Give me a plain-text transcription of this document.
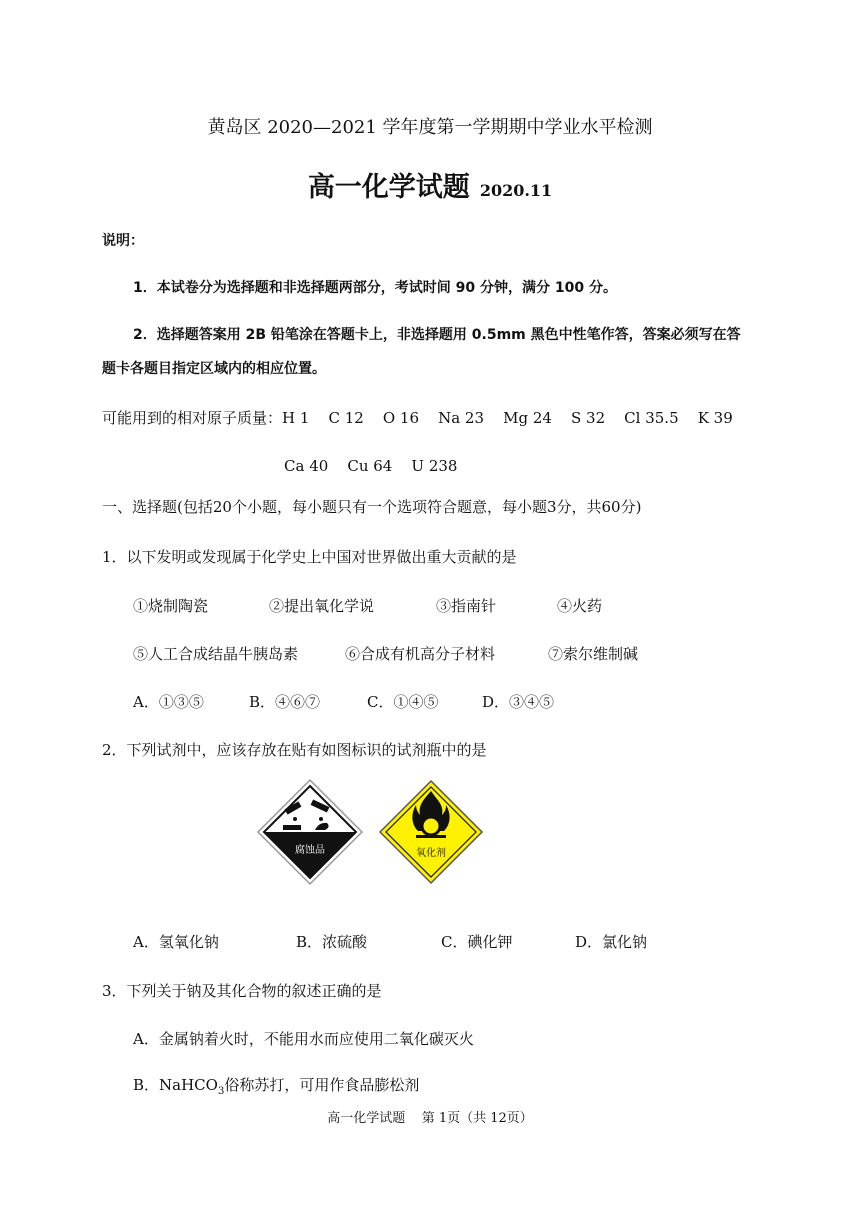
黄岛区 2020—2021 学年度第一学期期中学业水平检测
高一化学试题 2020.11
说明：
1．本试卷分为选择题和非选择题两部分，考试时间 90 分钟，满分 100 分。
2．选择题答案用 2B 铅笔涂在答题卡上，非选择题用 0.5mm 黑色中性笔作答，答案必须写在答
题卡各题目指定区域内的相应位置。
可能用到的相对原子质量：H 1    C 12    O 16    Na 23    Mg 24    S 32    Cl 35.5    K 39
Ca 40    Cu 64    U 238
一、选择题(包括20个小题，每小题只有一个选项符合题意，每小题3分，共60分)
1．以下发明或发现属于化学史上中国对世界做出重大贡献的是
①烧制陶瓷	②提出氧化学说	③指南针	④火药
⑤人工合成结晶牛胰岛素	⑥合成有机高分子材料	⑦索尔维制碱
A．①③⑤	B．④⑥⑦	C．①④⑤	D．③④⑤
2．下列试剂中，应该存放在贴有如图标识的试剂瓶中的是
腐蚀品	氧化剂
A．氢氧化钠	B．浓硫酸	C．碘化钾	D．氯化钠
3．下列关于钠及其化合物的叙述正确的是
A．金属钠着火时，不能用水而应使用二氧化碳灭火
B．NaHCO$_3$俗称苏打，可用作食品膨松剂
高一化学试题    第 1页（共 12页）
